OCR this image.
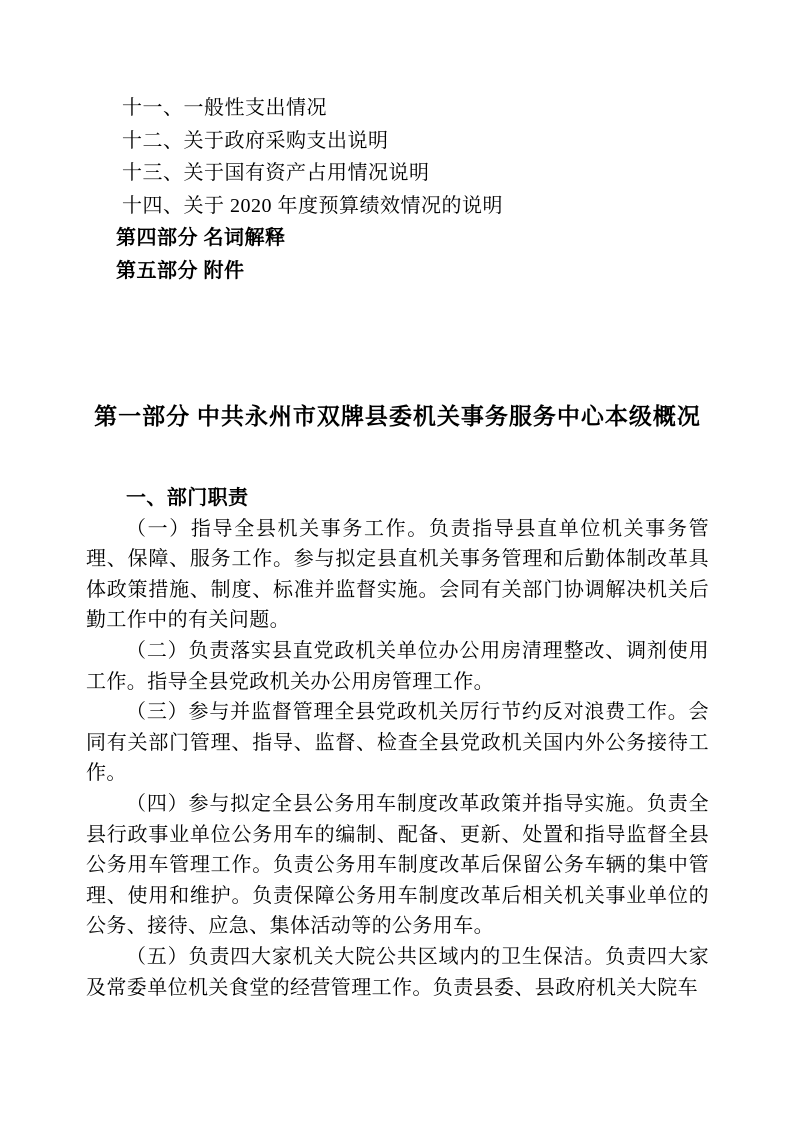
十一、一般性支出情况
十二、关于政府采购支出说明
十三、关于国有资产占用情况说明
十四、关于 2020 年度预算绩效情况的说明
第四部分 名词解释
第五部分 附件
第一部分 中共永州市双牌县委机关事务服务中心本级概况

一、部门职责

（一）指导全县机关事务工作。负责指导县直单位机关事务管理、保障、服务工作。参与拟定县直机关事务管理和后勤体制改革具体政策措施、制度、标准并监督实施。会同有关部门协调解决机关后勤工作中的有关问题。

（二）负责落实县直党政机关单位办公用房清理整改、调剂使用工作。指导全县党政机关办公用房管理工作。

（三）参与并监督管理全县党政机关厉行节约反对浪费工作。会同有关部门管理、指导、监督、检查全县党政机关国内外公务接待工作。

（四）参与拟定全县公务用车制度改革政策并指导实施。负责全县行政事业单位公务用车的编制、配备、更新、处置和指导监督全县公务用车管理工作。负责公务用车制度改革后保留公务车辆的集中管理、使用和维护。负责保障公务用车制度改革后相关机关事业单位的公务、接待、应急、集体活动等的公务用车。

（五）负责四大家机关大院公共区域内的卫生保洁。负责四大家及常委单位机关食堂的经营管理工作。负责县委、县政府机关大院车
